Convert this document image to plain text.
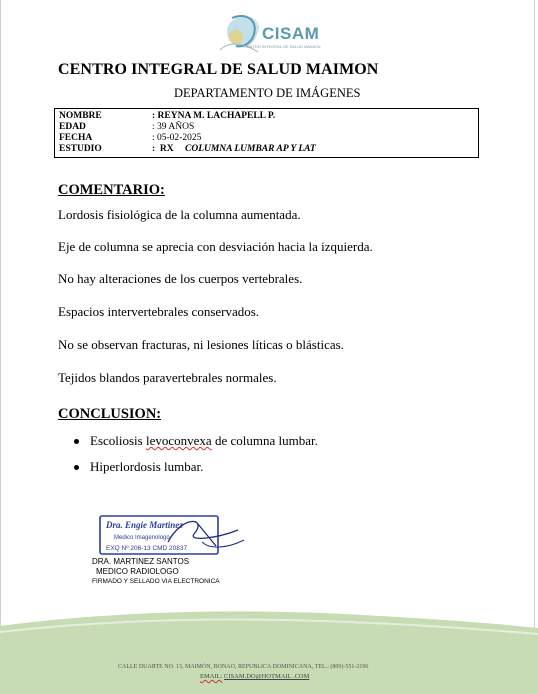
CISAM
CENTRO INTEGRAL DE SALUD MAIMON
CENTRO INTEGRAL DE SALUD MAIMON
DEPARTAMENTO DE IMÁGENES
NOMBRE	: REYNA M. LACHAPELL P.
EDAD	: 39 AÑOS
FECHA	: 05-02-2025
ESTUDIO	:  RX COLUMNA LUMBAR AP Y LAT
COMENTARIO:
Lordosis fisiológica de la columna aumentada.
Eje de columna se aprecia con desviación hacia la izquierda.
No hay alteraciones de los cuerpos vertebrales.
Espacios intervertebrales conservados.
No se observan fracturas, ni lesiones líticas o blásticas.
Tejidos blandos paravertebrales normales.
CONCLUSION:
Escoliosis levoconvexa de columna lumbar.
Hiperlordosis lumbar.
Dra. Engie Martinez
Medico Imagenologo
EXQ Nº 206-13 CMD 20837
DRA. MARTINEZ SANTOS
MEDICO RADIOLOGO
FIRMADO Y SELLADO VIA ELECTRONICA
CALLE DUARTE NO. 13, MAIMÓN, BONAO, REPUBLICA DOMINICANA, TEL.: (809)-551-2196
EMAIL: CISAM.DO@HOTMAIL .COM
